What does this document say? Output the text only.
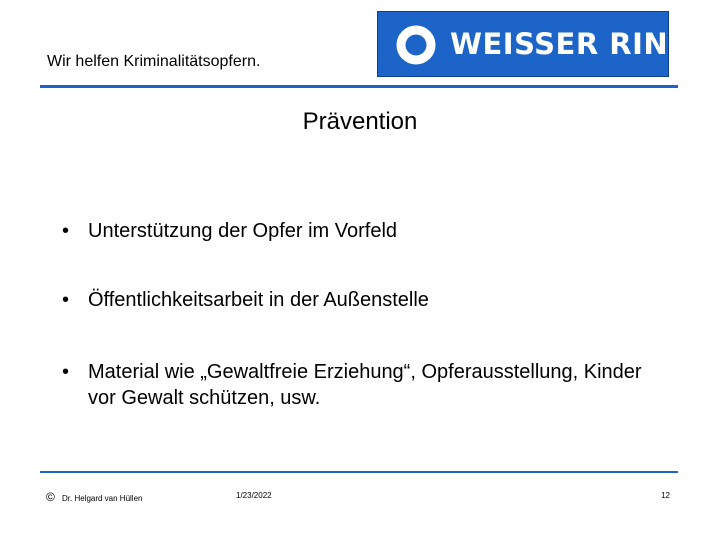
Wir helfen Kriminalitätsopfern.
WEISSER RING
Prävention
• Unterstützung der Opfer im Vorfeld
• Öffentlichkeitsarbeit in der Außenstelle
• Material wie „Gewaltfreie Erziehung“, Opferausstellung, Kinder vor Gewalt schützen, usw.
© Dr. Helgard van Hüllen	1/23/2022	12
